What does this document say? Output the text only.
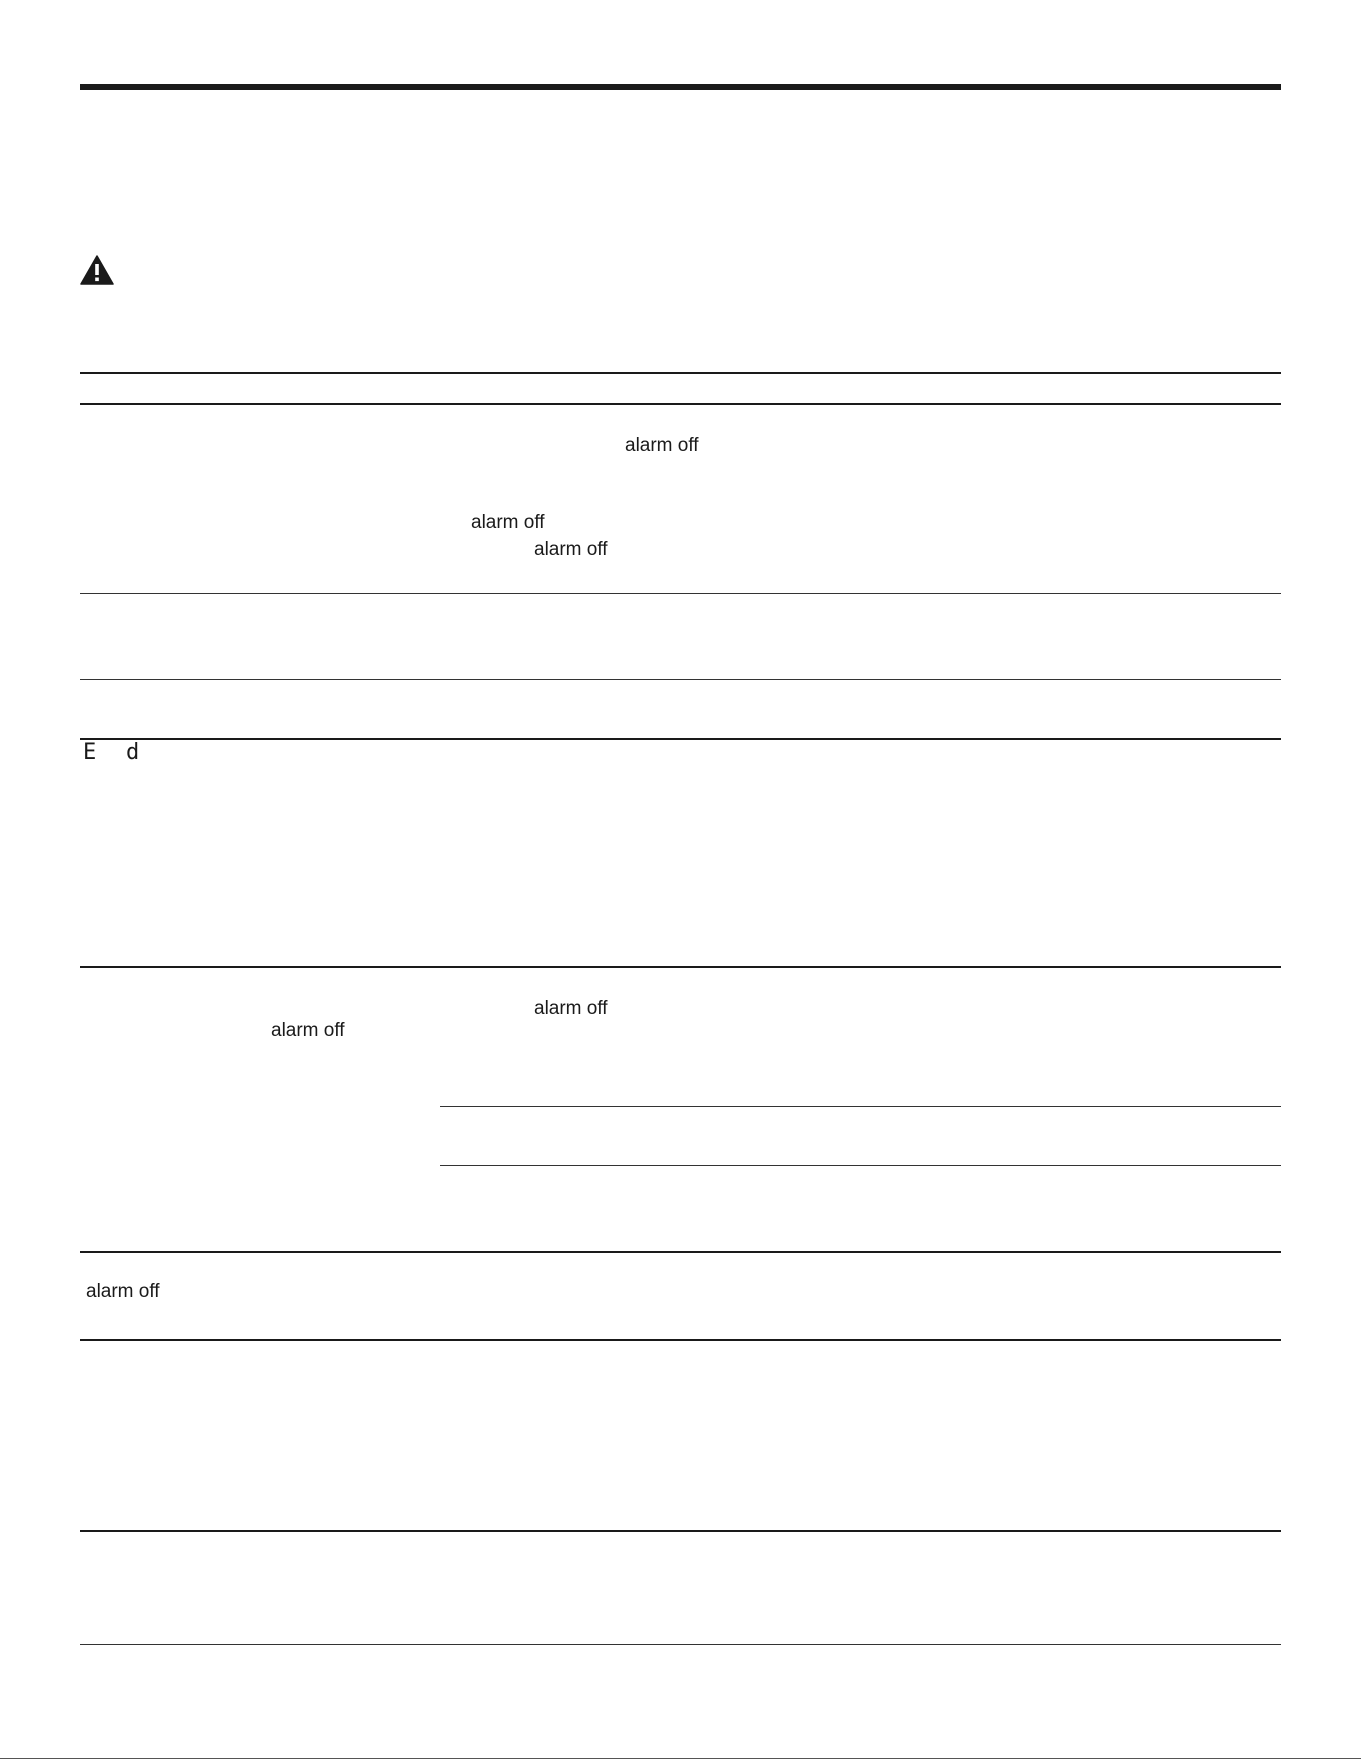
alarm off
alarm off
alarm off
alarm off
alarm off
alarm off
E d
